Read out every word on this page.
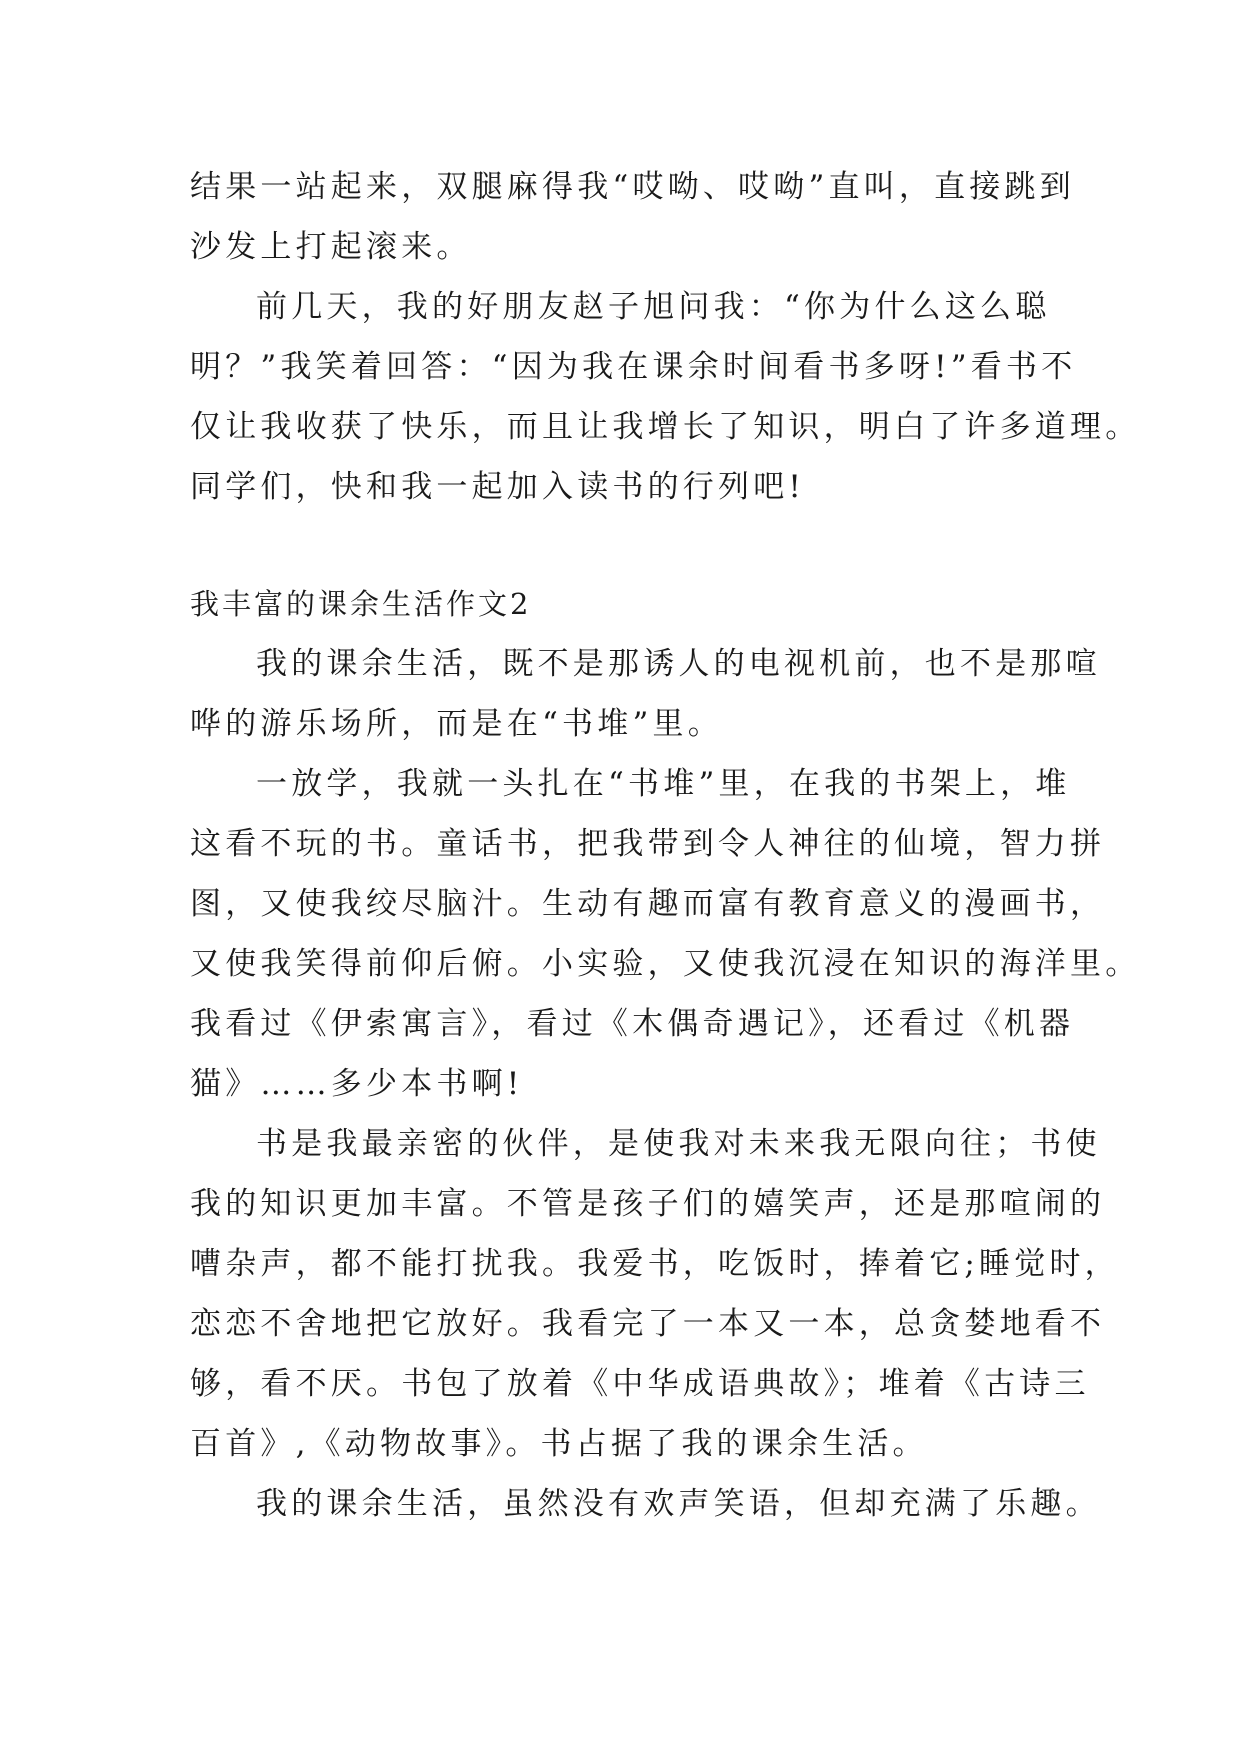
结果一站起来，双腿麻得我“哎呦、哎呦”直叫，直接跳到

沙发上打起滚来。

前几天，我的好朋友赵子旭问我：“你为什么这么聪

明？”我笑着回答：“因为我在课余时间看书多呀!”看书不

仅让我收获了快乐，而且让我增长了知识，明白了许多道理。

同学们，快和我一起加入读书的行列吧!

我丰富的课余生活作文2

我的课余生活，既不是那诱人的电视机前，也不是那喧

哗的游乐场所，而是在“书堆”里。

一放学，我就一头扎在“书堆”里，在我的书架上，堆

这看不玩的书。童话书，把我带到令人神往的仙境，智力拼

图，又使我绞尽脑汁。生动有趣而富有教育意义的漫画书，

又使我笑得前仰后俯。小实验，又使我沉浸在知识的海洋里。

我看过《伊索寓言》，看过《木偶奇遇记》，还看过《机器

猫》……多少本书啊!

书是我最亲密的伙伴，是使我对未来我无限向往；书使

我的知识更加丰富。不管是孩子们的嬉笑声，还是那喧闹的

嘈杂声，都不能打扰我。我爱书，吃饭时，捧着它;睡觉时，

恋恋不舍地把它放好。我看完了一本又一本，总贪婪地看不

够，看不厌。书包了放着《中华成语典故》；堆着《古诗三

百首》,《动物故事》。书占据了我的课余生活。

我的课余生活，虽然没有欢声笑语，但却充满了乐趣。
